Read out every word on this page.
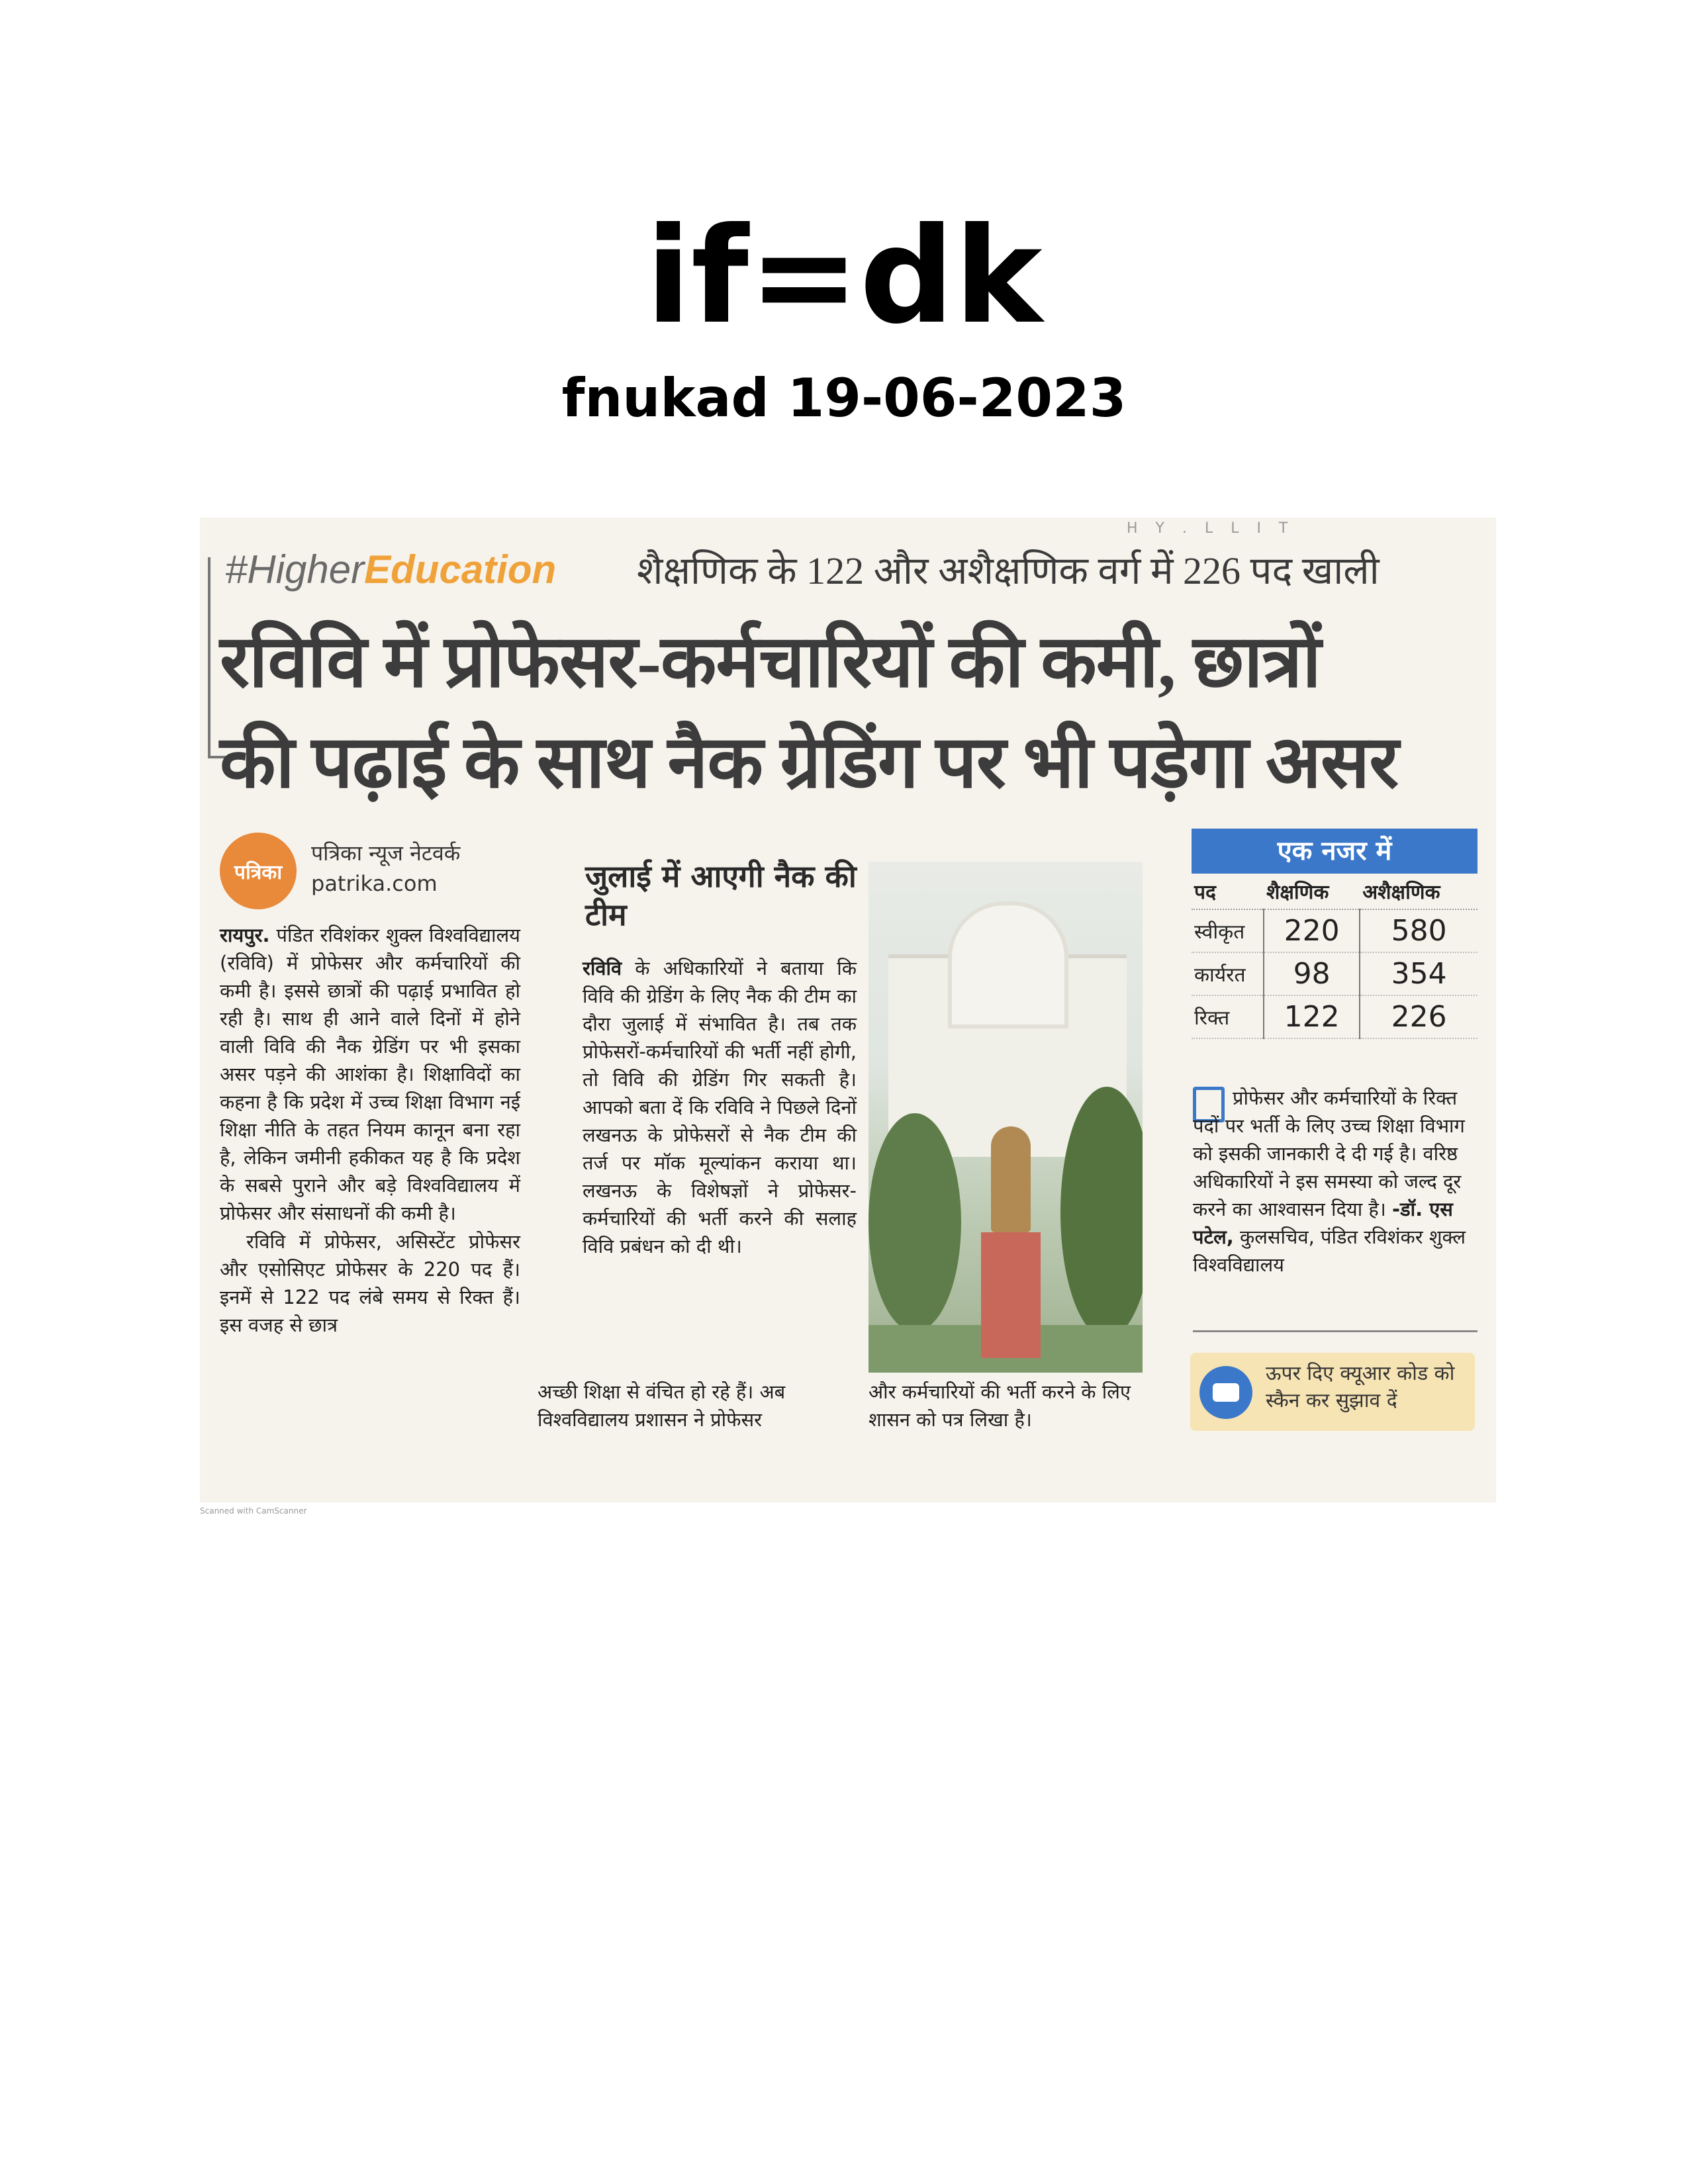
if=dk
fnukad 19-06-2023
H Y . L L I T
#HigherEducation शैक्षणिक के 122 और अशैक्षणिक वर्ग में 226 पद खाली
रविवि में प्रोफेसर-कर्मचारियों की कमी, छात्रों
की पढ़ाई के साथ नैक ग्रेडिंग पर भी पड़ेगा असर
पत्रिका
पत्रिका न्यूज नेटवर्क
patrika.com
रायपुर. पंडित रविशंकर शुक्ल विश्वविद्यालय (रविवि) में प्रोफेसर और कर्मचारियों की कमी है। इससे छात्रों की पढ़ाई प्रभावित हो रही है। साथ ही आने वाले दिनों में होने वाली विवि की नैक ग्रेडिंग पर भी इसका असर पड़ने की आशंका है। शिक्षाविदों का कहना है कि प्रदेश में उच्च शिक्षा विभाग नई शिक्षा नीति के तहत नियम कानून बना रहा है, लेकिन जमीनी हकीकत यह है कि प्रदेश के सबसे पुराने और बड़े विश्वविद्यालय में प्रोफेसर और संसाधनों की कमी है।
रविवि में प्रोफेसर, असिस्टेंट प्रोफेसर और एसोसिएट प्रोफेसर के 220 पद हैं। इनमें से 122 पद लंबे समय से रिक्त हैं। इस वजह से छात्र
जुलाई में आएगी नैक की टीम
रविवि के अधिकारियों ने बताया कि विवि की ग्रेडिंग के लिए नैक की टीम का दौरा जुलाई में संभावित है। तब तक प्रोफेसरों-कर्मचारियों की भर्ती नहीं होगी, तो विवि की ग्रेडिंग गिर सकती है। आपको बता दें कि रविवि ने पिछले दिनों लखनऊ के प्रोफेसरों से नैक टीम की तर्ज पर मॉक मूल्यांकन कराया था। लखनऊ के विशेषज्ञों ने प्रोफेसर-कर्मचारियों की भर्ती करने की सलाह विवि प्रबंधन को दी थी।
एक नजर में
पद	शैक्षणिक	अशैक्षणिक
स्वीकृत	220	580
कार्यरत	98	354
रिक्त	122	226
प्रोफेसर और कर्मचारियों के रिक्त पदों पर भर्ती के लिए उच्च शिक्षा विभाग को इसकी जानकारी दे दी गई है। वरिष्ठ अधिकारियों ने इस समस्या को जल्द दूर करने का आश्वासन दिया है। -डॉ. एस पटेल, कुलसचिव, पंडित रविशंकर शुक्ल विश्वविद्यालय
ऊपर दिए क्यूआर कोड को स्कैन कर सुझाव दें
अच्छी शिक्षा से वंचित हो रहे हैं। अब विश्वविद्यालय प्रशासन ने प्रोफेसर
और कर्मचारियों की भर्ती करने के लिए शासन को पत्र लिखा है।
Scanned with CamScanner
